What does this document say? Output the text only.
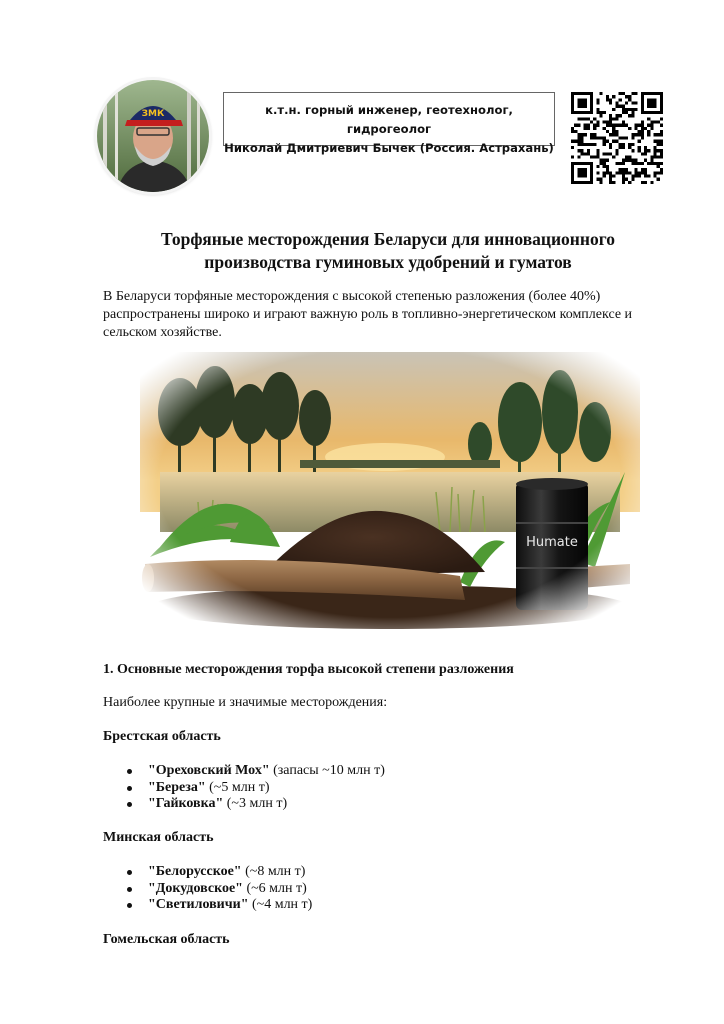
ЗМК	к.т.н. горный инженер, геотехнолог, гидрогеолог
Николай Дмитриевич Бычек (Россия. Астрахань)
Торфяные месторождения Беларуси для инновационного
производства гуминовых удобрений и гуматов
В Беларуси торфяные месторождения с высокой степенью разложения (более 40%) распространены широко и играют важную роль в топливно-энергетическом комплексе и сельском хозяйстве.
1. Основные месторождения торфа высокой степени разложения
Наиболее крупные и значимые месторождения:
Брестская область
"Ореховский Мох" (запасы ~10 млн т)
"Береза" (~5 млн т)
"Гайковка" (~3 млн т)
Минская область
"Белорусское" (~8 млн т)
"Докудовское" (~6 млн т)
"Светиловичи" (~4 млн т)
Гомельская область
